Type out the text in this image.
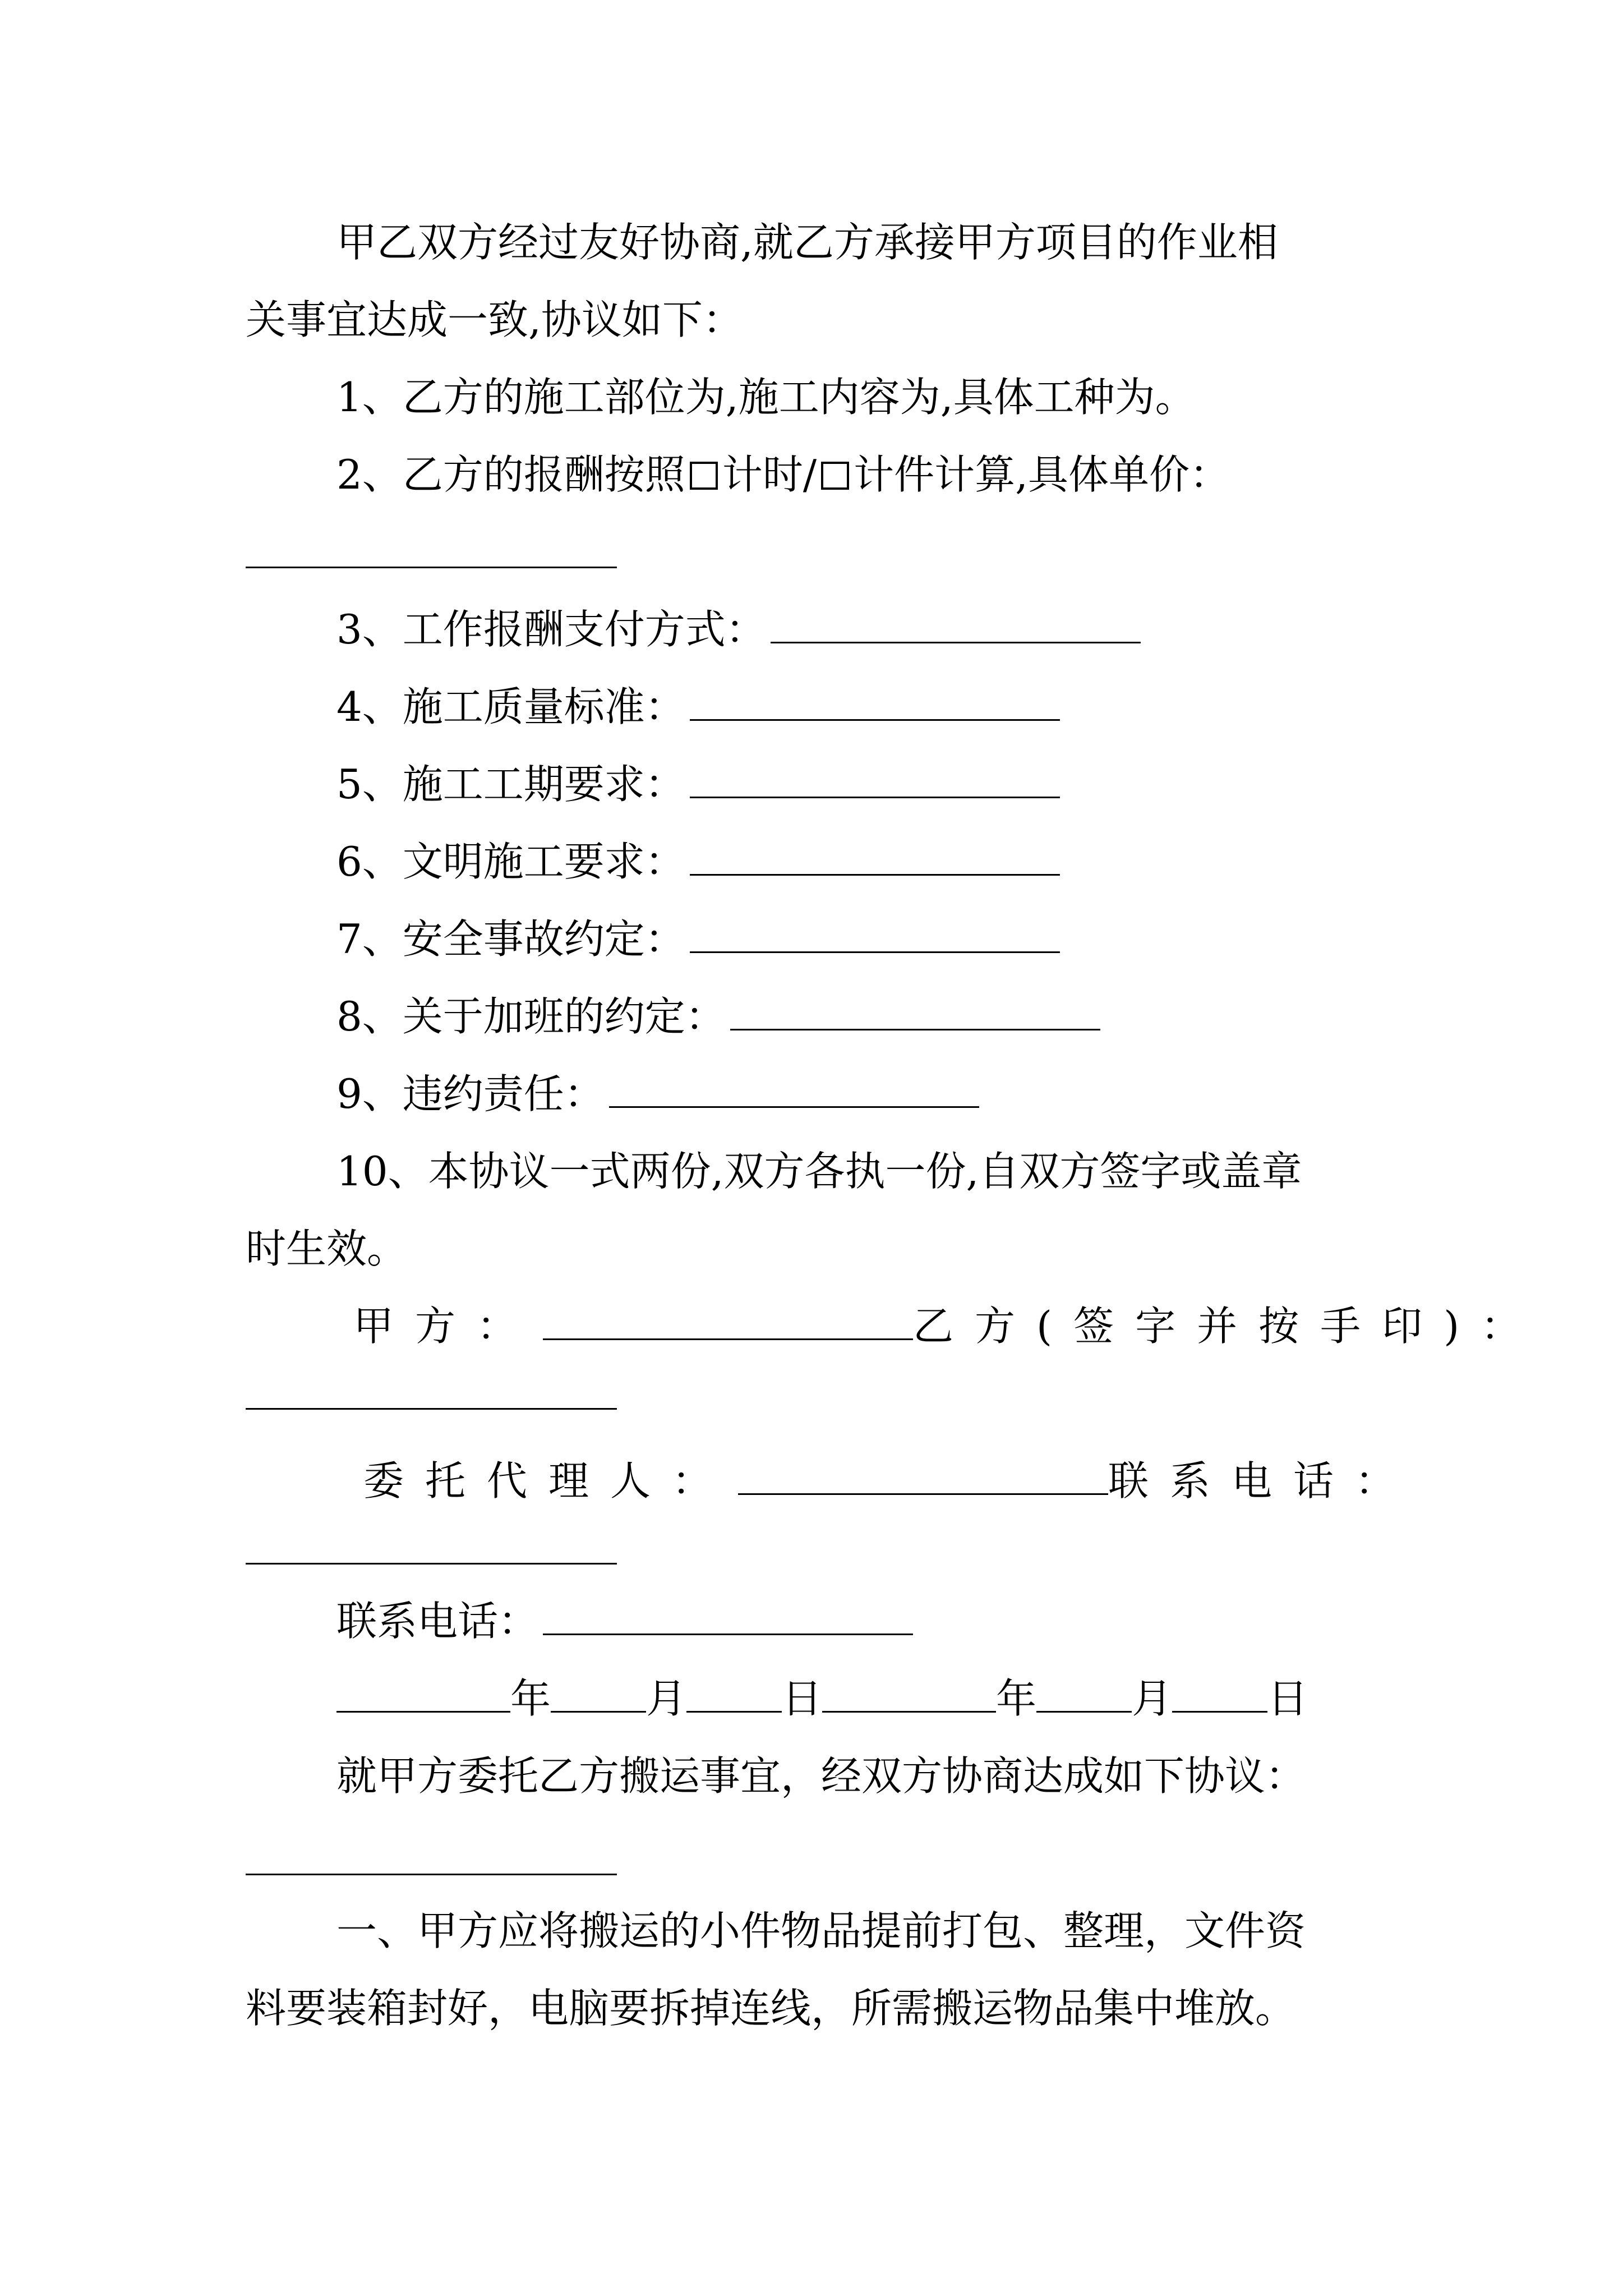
甲乙双方经过友好协商,就乙方承接甲方项目的作业相
关事宜达成一致,协议如下：
1、乙方的施工部位为,施工内容为,具体工种为。
2、乙方的报酬按照 计时/ 计件计算,具体单价：
3、工作报酬支付方式：
4、施工质量标准：
5、施工工期要求：
6、文明施工要求：
7、安全事故约定：
8、关于加班的约定：
9、违约责任：
10、本协议一式两份,双方各执一份,自双方签字或盖章
时生效。
甲方：	乙方(签字并按手印)：
委托代理人：	联系电话：
联系电话：
年 月 日	年 月 日
就甲方委托乙方搬运事宜，经双方协商达成如下协议：
一、甲方应将搬运的小件物品提前打包、整理，文件资
料要装箱封好，电脑要拆掉连线，所需搬运物品集中堆放。
